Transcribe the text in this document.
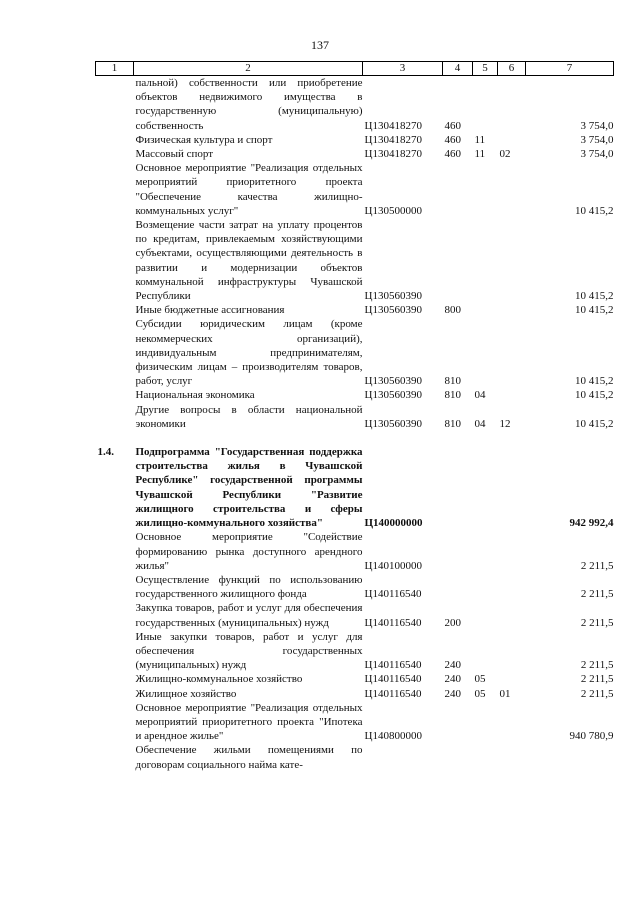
137
1	2	3	4	5	6	7
	пальной) собственности или приобретение объектов недвижимого имущества в государственную (муниципальную) собственность	Ц130418270	460			3 754,0
	Физическая культура и спорт	Ц130418270	460	11		3 754,0
	Массовый спорт	Ц130418270	460	11	02	3 754,0
	Основное мероприятие "Реализация отдельных мероприятий приоритетного проекта "Обеспечение качества жилищно-коммунальных услуг"	Ц130500000				10 415,2
	Возмещение части затрат на уплату процентов по кредитам, привлекаемым хозяйствующими субъектами, осуществляющими деятельность в развитии и модернизации объектов коммунальной инфраструктуры Чувашской Республики	Ц130560390				10 415,2
	Иные бюджетные ассигнования	Ц130560390	800			10 415,2
	Субсидии юридическим лицам (кроме некоммерческих организаций), индивидуальным предпринимателям, физическим лицам – производителям товаров, работ, услуг	Ц130560390	810			10 415,2
	Национальная экономика	Ц130560390	810	04		10 415,2
	Другие вопросы в области национальной экономики	Ц130560390	810	04	12	10 415,2

1.4.	Подпрограмма "Государственная поддержка строительства жилья в Чувашской Республике" государственной программы Чувашской Республики "Развитие жилищного строительства и сферы жилищно-коммунального хозяйства"	Ц140000000				942 992,4
	Основное мероприятие "Содействие формированию рынка доступного арендного жилья"	Ц140100000				2 211,5
	Осуществление функций по использованию государственного жилищного фонда	Ц140116540				2 211,5
	Закупка товаров, работ и услуг для обеспечения государственных (муниципальных) нужд	Ц140116540	200			2 211,5
	Иные закупки товаров, работ и услуг для обеспечения государственных (муниципальных) нужд	Ц140116540	240			2 211,5
	Жилищно-коммунальное хозяйство	Ц140116540	240	05		2 211,5
	Жилищное хозяйство	Ц140116540	240	05	01	2 211,5
	Основное мероприятие "Реализация отдельных мероприятий приоритетного проекта "Ипотека и арендное жилье"	Ц140800000				940 780,9
	Обеспечение жильми помещениями по договорам социального найма кате-					
